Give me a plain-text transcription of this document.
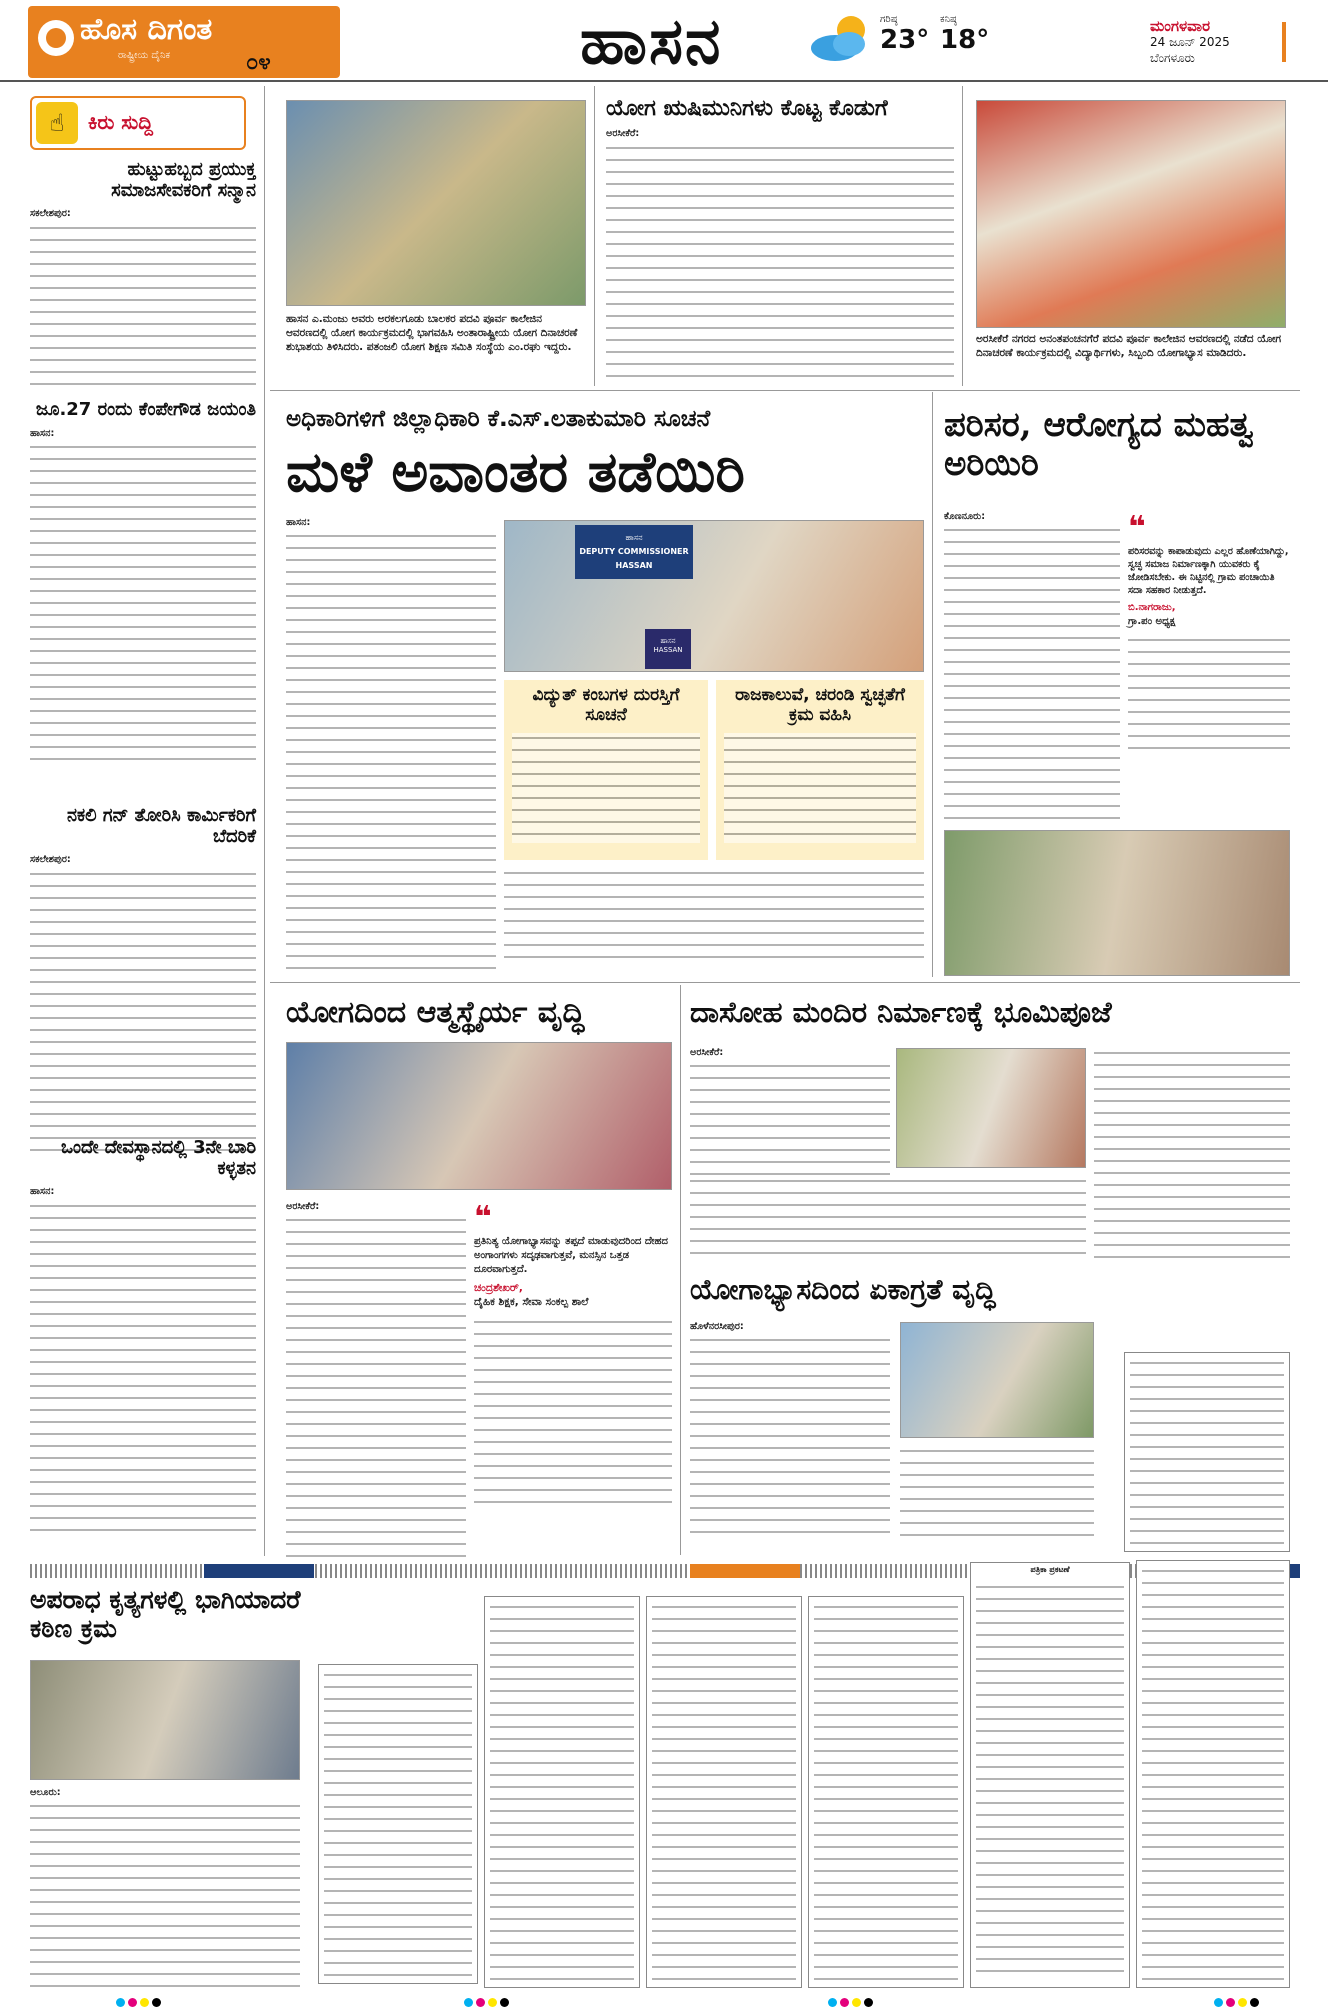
ಹೊಸ ದಿಗಂತ
ರಾಷ್ಟ್ರೀಯ ದೈನಿಕ	೦೪	ಹಾಸನ	ಗರಿಷ್ಠ
23°
ಕನಿಷ್ಠ
18°	ಮಂಗಳವಾರ
24 ಜೂನ್ 2025
ಬೆಂಗಳೂರು
☝	ಕಿರು ಸುದ್ದಿ
ಹುಟ್ಟುಹಬ್ಬದ ಪ್ರಯುಕ್ತ ಸಮಾಜಸೇವಕರಿಗೆ ಸನ್ಮಾನ
ಸಕಲೇಶಪುರ:
ಜೂ.27 ರಂದು ಕೆಂಪೇಗೌಡ ಜಯಂತಿ
ಹಾಸನ:
ನಕಲಿ ಗನ್ ತೋರಿಸಿ ಕಾರ್ಮಿಕರಿಗೆ ಬೆದರಿಕೆ
ಸಕಲೇಶಪುರ:
ಒಂದೇ ದೇವಸ್ಥಾನದಲ್ಲಿ 3ನೇ ಬಾರಿ ಕಳ್ಳತನ
ಹಾಸನ:
ಹಾಸನ ಎ.ಮಂಜು ಅವರು ಅರಕಲಗೂಡು ಬಾಲಕರ ಪದವಿ ಪೂರ್ವ ಕಾಲೇಜಿನ ಆವರಣದಲ್ಲಿ ಯೋಗ ಕಾರ್ಯಕ್ರಮದಲ್ಲಿ ಭಾಗವಹಿಸಿ ಅಂತಾರಾಷ್ಟ್ರೀಯ ಯೋಗ ದಿನಾಚರಣೆ ಶುಭಾಶಯ ತಿಳಿಸಿದರು. ಪತಂಜಲಿ ಯೋಗ ಶಿಕ್ಷಣ ಸಮಿತಿ ಸಂಸ್ಥೆಯ ಎಂ.ರಘು ಇದ್ದರು.
ಯೋಗ ಋಷಿಮುನಿಗಳು ಕೊಟ್ಟ ಕೊಡುಗೆ
ಅರಸೀಕೆರೆ:
ಅರಸೀಕೆರೆ ನಗರದ ಅನಂತಪಂಚನಗೆರೆ ಪದವಿ ಪೂರ್ವ ಕಾಲೇಜಿನ ಆವರಣದಲ್ಲಿ ನಡೆದ ಯೋಗ ದಿನಾಚರಣೆ ಕಾರ್ಯಕ್ರಮದಲ್ಲಿ ವಿದ್ಯಾರ್ಥಿಗಳು, ಸಿಬ್ಬಂದಿ ಯೋಗಾಭ್ಯಾಸ ಮಾಡಿದರು.
ಅಧಿಕಾರಿಗಳಿಗೆ ಜಿಲ್ಲಾಧಿಕಾರಿ ಕೆ.ಎಸ್.ಲತಾಕುಮಾರಿ ಸೂಚನೆ
ಮಳೆ ಅವಾಂತರ ತಡೆಯಿರಿ
ಹಾಸನ:
ಹಾಸನ
DEPUTY COMMISSIONER
HASSAN
ಹಾಸನ HASSAN
ವಿದ್ಯುತ್ ಕಂಬಗಳ ದುರಸ್ತಿಗೆ ಸೂಚನೆ
ರಾಜಕಾಲುವೆ, ಚರಂಡಿ ಸ್ವಚ್ಛತೆಗೆ ಕ್ರಮ ವಹಿಸಿ
ಪರಿಸರ, ಆರೋಗ್ಯದ ಮಹತ್ವ ಅರಿಯಿರಿ
ಕೊಣನೂರು:	❝
ಪರಿಸರವನ್ನು ಕಾಪಾಡುವುದು ಎಲ್ಲರ ಹೊಣೆಯಾಗಿದ್ದು, ಸ್ವಚ್ಛ ಸಮಾಜ ನಿರ್ಮಾಣಕ್ಕಾಗಿ ಯುವಕರು ಕೈ ಜೋಡಿಸಬೇಕು. ಈ ನಿಟ್ಟಿನಲ್ಲಿ ಗ್ರಾಮ ಪಂಚಾಯಿತಿ ಸದಾ ಸಹಕಾರ ನೀಡುತ್ತದೆ.
ಬಿ.ನಾಗರಾಜು,
ಗ್ರಾ.ಪಂ ಅಧ್ಯಕ್ಷ
ಯೋಗದಿಂದ ಆತ್ಮಸ್ಥೈರ್ಯ ವೃದ್ಧಿ
ಅರಸೀಕೆರೆ:	❝
ಪ್ರತಿನಿತ್ಯ ಯೋಗಾಭ್ಯಾಸವನ್ನು ತಪ್ಪದೆ ಮಾಡುವುದರಿಂದ ದೇಹದ ಅಂಗಾಂಗಗಳು ಸದೃಢವಾಗುತ್ತವೆ, ಮನಸ್ಸಿನ ಒತ್ತಡ ದೂರವಾಗುತ್ತದೆ.
ಚಂದ್ರಶೇಖರ್,
ದೈಹಿಕ ಶಿಕ್ಷಕ, ಸೇವಾ ಸಂಕಲ್ಪ ಶಾಲೆ
ದಾಸೋಹ ಮಂದಿರ ನಿರ್ಮಾಣಕ್ಕೆ ಭೂಮಿಪೂಜೆ
ಅರಸೀಕೆರೆ:
ಯೋಗಾಭ್ಯಾಸದಿಂದ ಏಕಾಗ್ರತೆ ವೃದ್ಧಿ
ಹೊಳೆನರಸೀಪುರ:
ಅಪರಾಧ ಕೃತ್ಯಗಳಲ್ಲಿ ಭಾಗಿಯಾದರೆ ಕಠಿಣ ಕ್ರಮ
ಆಲೂರು:
ಪತ್ರಿಕಾ ಪ್ರಕಟಣೆ
